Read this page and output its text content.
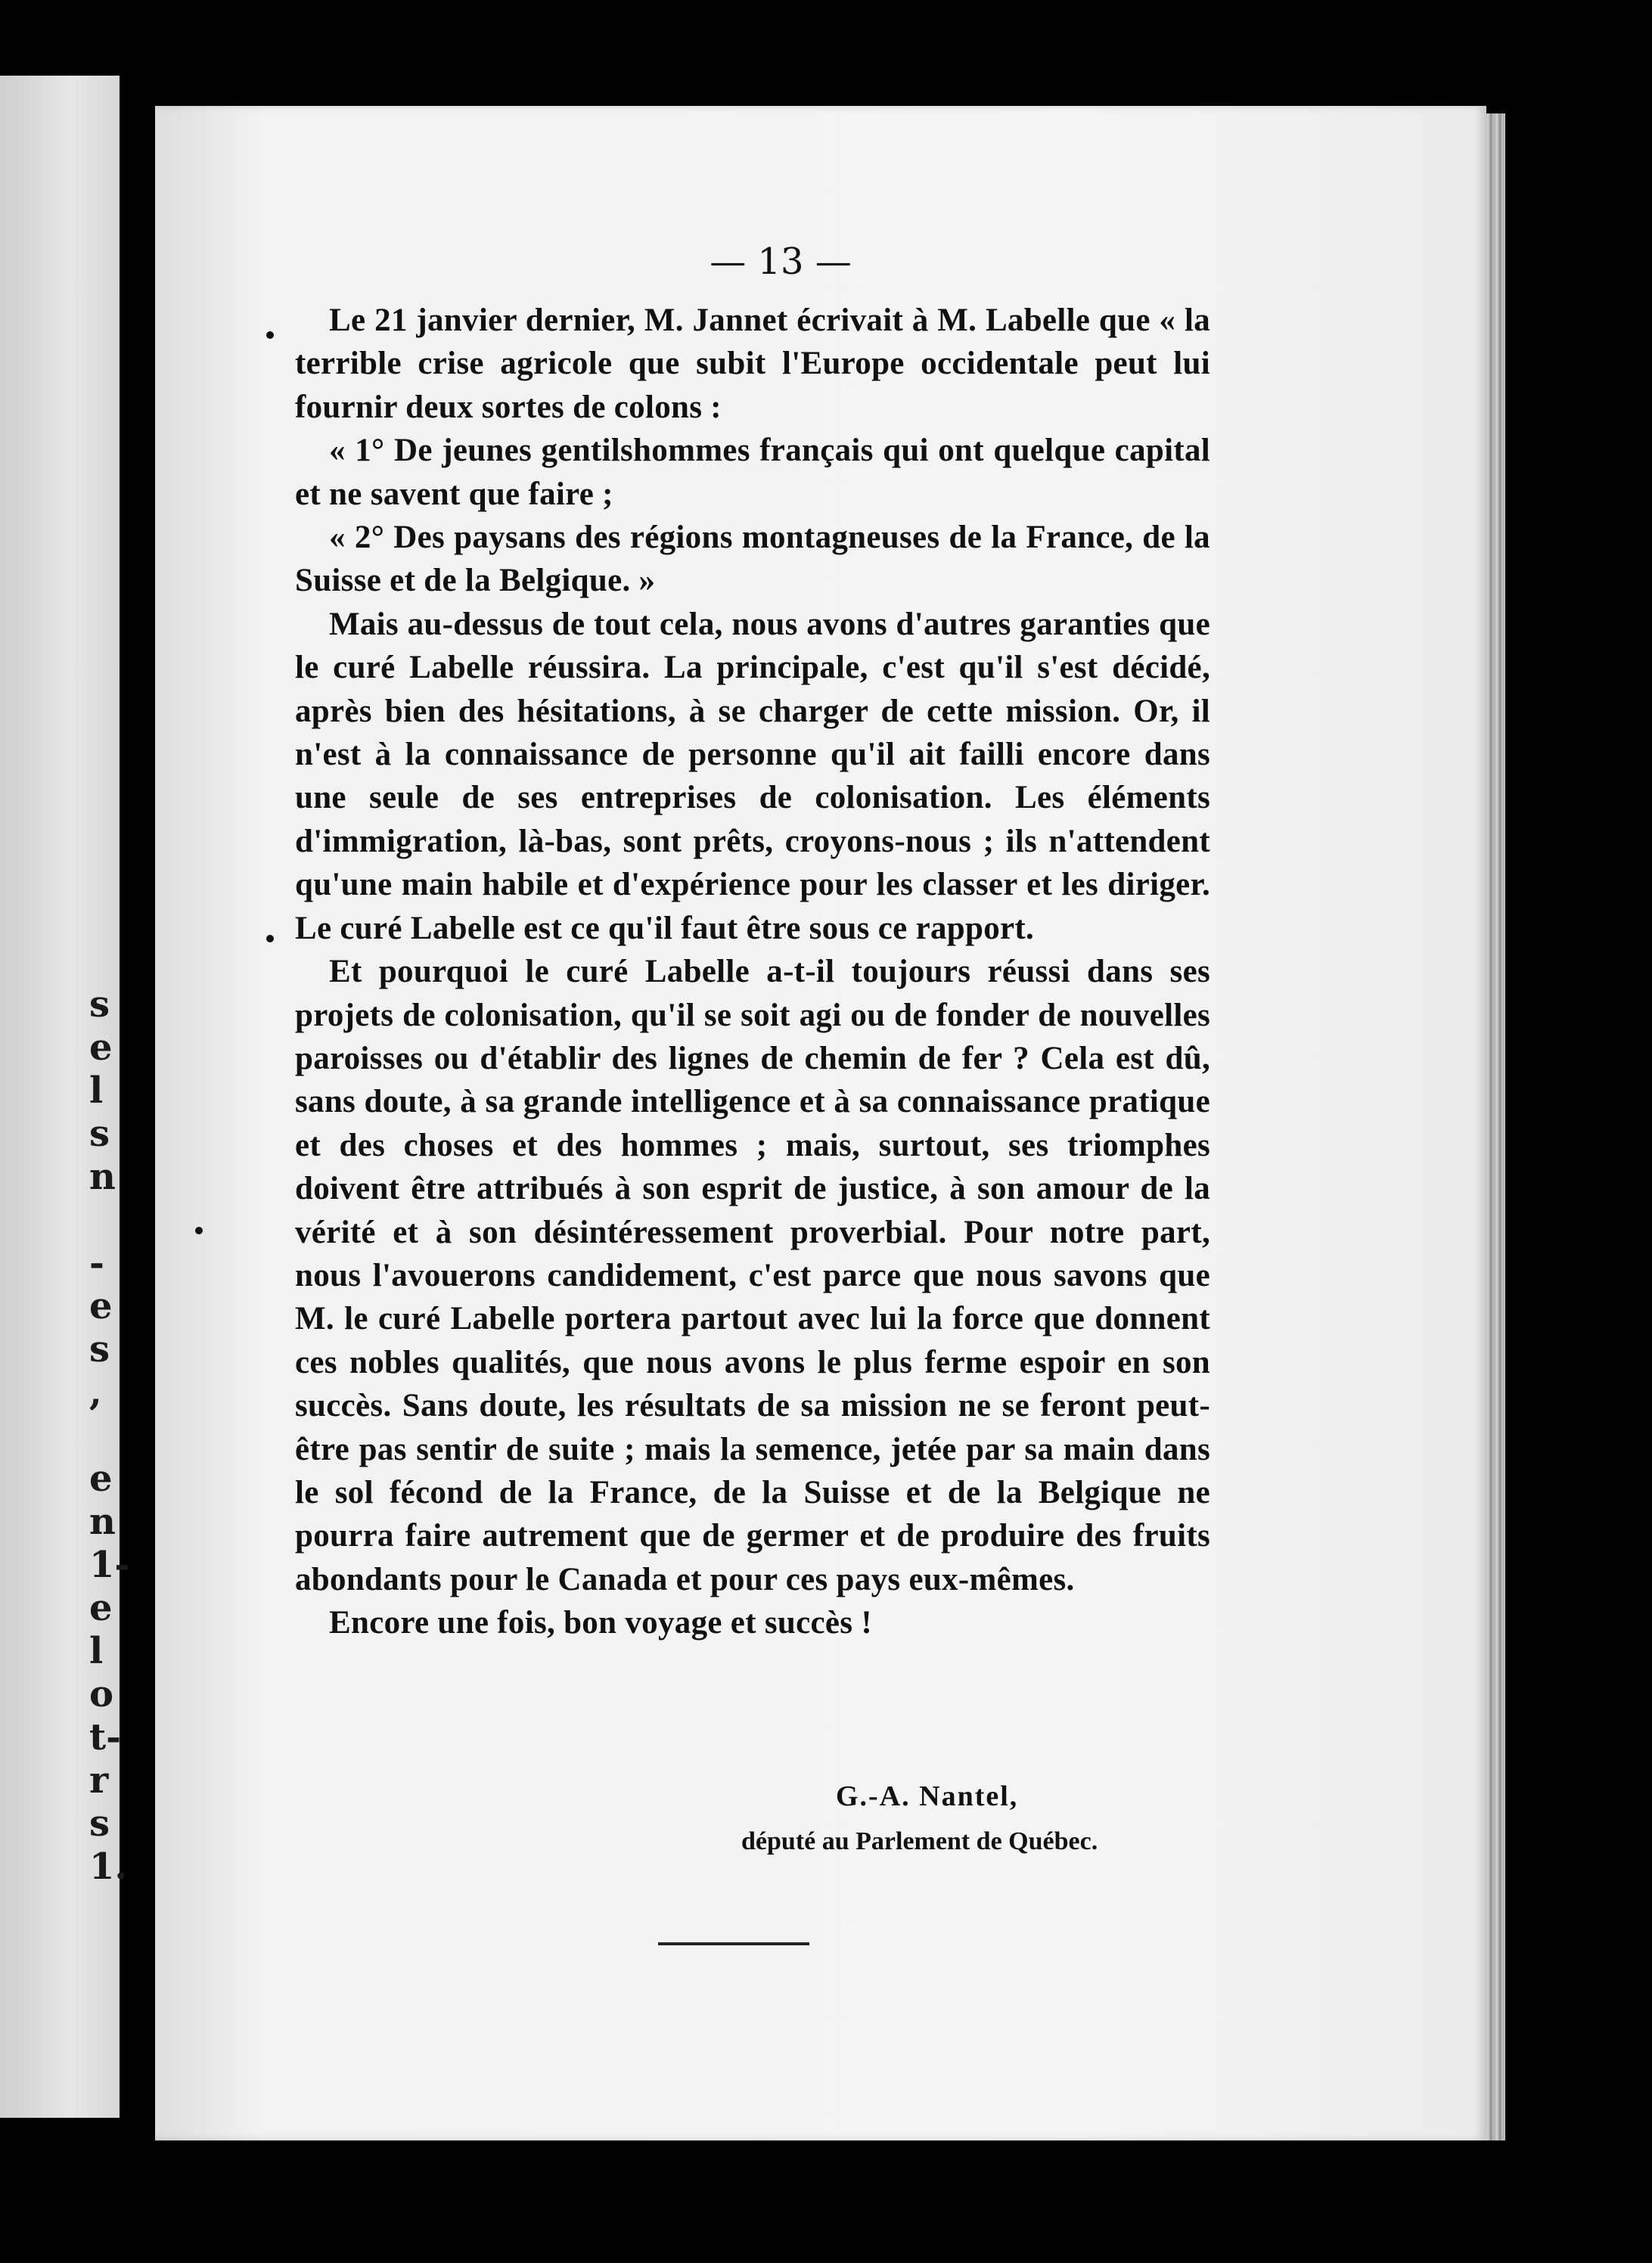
s
e
l
s
n
-
e
s
,
e
n
1-
e
l
o
t-
r
s
1.
— 13 —

Le 21 janvier dernier, M. Jannet écrivait à M. Labelle que « la terrible crise agricole que subit l'Europe occidentale peut lui fournir deux sortes de colons :

« 1° De jeunes gentilshommes français qui ont quelque capital et ne savent que faire ;

« 2° Des paysans des régions montagneuses de la France, de la Suisse et de la Belgique. »

Mais au-dessus de tout cela, nous avons d'autres garanties que le curé Labelle réussira. La principale, c'est qu'il s'est décidé, après bien des hésitations, à se charger de cette mission. Or, il n'est à la connaissance de personne qu'il ait failli encore dans une seule de ses entreprises de colonisation. Les éléments d'immigration, là-bas, sont prêts, croyons-nous ; ils n'attendent qu'une main habile et d'expérience pour les classer et les diriger. Le curé Labelle est ce qu'il faut être sous ce rapport.

Et pourquoi le curé Labelle a-t-il toujours réussi dans ses projets de colonisation, qu'il se soit agi ou de fonder de nouvelles paroisses ou d'établir des lignes de chemin de fer ? Cela est dû, sans doute, à sa grande intelligence et à sa connaissance pratique et des choses et des hommes ; mais, surtout, ses triomphes doivent être attribués à son esprit de justice, à son amour de la vérité et à son désintéressement proverbial. Pour notre part, nous l'avouerons candidement, c'est parce que nous savons que M. le curé Labelle portera partout avec lui la force que donnent ces nobles qualités, que nous avons le plus ferme espoir en son succès. Sans doute, les résultats de sa mission ne se feront peut-être pas sentir de suite ; mais la semence, jetée par sa main dans le sol fécond de la France, de la Suisse et de la Belgique ne pourra faire autrement que de germer et de produire des fruits abondants pour le Canada et pour ces pays eux-mêmes.

Encore une fois, bon voyage et succès !

G.-A. Nantel,
député au Parlement de Québec.
